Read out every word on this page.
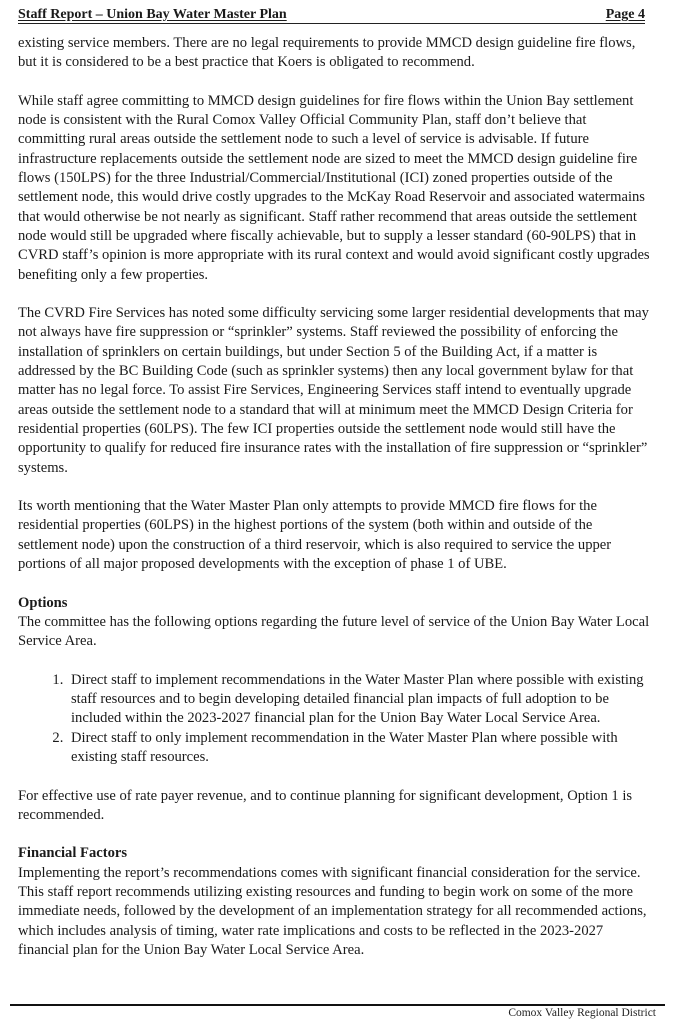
Staff Report – Union Bay Water Master Plan	Page 4

existing service members. There are no legal requirements to provide MMCD design guideline fire flows, but it is considered to be a best practice that Koers is obligated to recommend.

While staff agree committing to MMCD design guidelines for fire flows within the Union Bay settlement node is consistent with the Rural Comox Valley Official Community Plan, staff don’t believe that committing rural areas outside the settlement node to such a level of service is advisable. If future infrastructure replacements outside the settlement node are sized to meet the MMCD design guideline fire flows (150LPS) for the three Industrial/Commercial/Institutional (ICI) zoned properties outside of the settlement node, this would drive costly upgrades to the McKay Road Reservoir and associated watermains that would otherwise be not nearly as significant. Staff rather recommend that areas outside the settlement node would still be upgraded where fiscally achievable, but to supply a lesser standard (60-90LPS) that in CVRD staff’s opinion is more appropriate with its rural context and would avoid significant costly upgrades benefiting only a few properties.

The CVRD Fire Services has noted some difficulty servicing some larger residential developments that may not always have fire suppression or “sprinkler” systems. Staff reviewed the possibility of enforcing the installation of sprinklers on certain buildings, but under Section 5 of the Building Act, if a matter is addressed by the BC Building Code (such as sprinkler systems) then any local government bylaw for that matter has no legal force. To assist Fire Services, Engineering Services staff intend to eventually upgrade areas outside the settlement node to a standard that will at minimum meet the MMCD Design Criteria for residential properties (60LPS). The few ICI properties outside the settlement node would still have the opportunity to qualify for reduced fire insurance rates with the installation of fire suppression or “sprinkler” systems.

Its worth mentioning that the Water Master Plan only attempts to provide MMCD fire flows for the residential properties (60LPS) in the highest portions of the system (both within and outside of the settlement node) upon the construction of a third reservoir, which is also required to service the upper portions of all major proposed developments with the exception of phase 1 of UBE.

Options

The committee has the following options regarding the future level of service of the Union Bay Water Local Service Area.

1. Direct staff to implement recommendations in the Water Master Plan where possible with existing staff resources and to begin developing detailed financial plan impacts of full adoption to be included within the 2023-2027 financial plan for the Union Bay Water Local Service Area.
2. Direct staff to only implement recommendation in the Water Master Plan where possible with existing staff resources.

For effective use of rate payer revenue, and to continue planning for significant development, Option 1 is recommended.

Financial Factors

Implementing the report’s recommendations comes with significant financial consideration for the service. This staff report recommends utilizing existing resources and funding to begin work on some of the more immediate needs, followed by the development of an implementation strategy for all recommended actions, which includes analysis of timing, water rate implications and costs to be reflected in the 2023-2027 financial plan for the Union Bay Water Local Service Area.

Comox Valley Regional District
